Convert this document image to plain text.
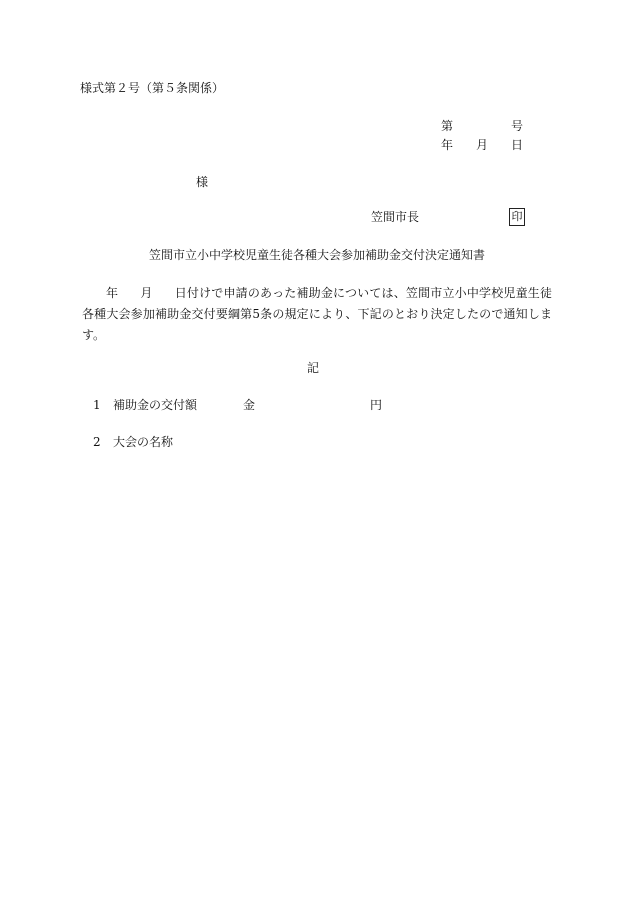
様式第２号（第５条関係）
第	号
年 月 日
様
笠間市長	印
笠間市立小中学校児童生徒各種大会参加補助金交付決定通知書
年 月 日付けで申請のあった補助金については、笠間市立小中学校児童生徒各種大会参加補助金交付要綱第5条の規定により、下記のとおり決定したので通知します。
記
1 補助金の交付額	金	円
2 大会の名称
